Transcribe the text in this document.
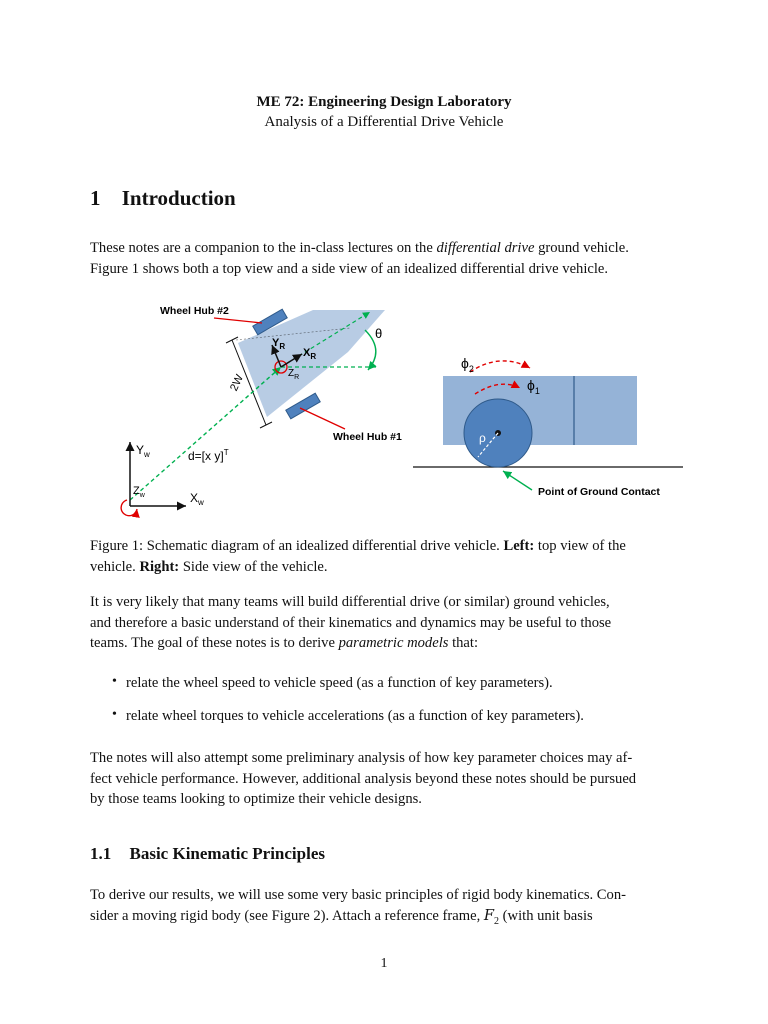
ME 72: Engineering Design Laboratory
Analysis of a Differential Drive Vehicle
1 Introduction
These notes are a companion to the in-class lectures on the differential drive ground vehicle.
Figure 1 shows both a top view and a side view of an idealized differential drive vehicle.
2W
Wheel Hub #2
Wheel Hub #1
θ
$Y_R$
$X_R$
$Z_R$
$Y_w$
$X_w$
$Z_w$
d=[x y]$^T$
ρ
$\phi_2$
$\phi_1$
Point of Ground Contact
Figure 1: Schematic diagram of an idealized differential drive vehicle. Left: top view of the
vehicle. Right: Side view of the vehicle.
It is very likely that many teams will build differential drive (or similar) ground vehicles,
and therefore a basic understand of their kinematics and dynamics may be useful to those
teams. The goal of these notes is to derive parametric models that:
• relate the wheel speed to vehicle speed (as a function of key parameters).
• relate wheel torques to vehicle accelerations (as a function of key parameters).
The notes will also attempt some preliminary analysis of how key parameter choices may af-
fect vehicle performance. However, additional analysis beyond these notes should be pursued
by those teams looking to optimize their vehicle designs.
1.1 Basic Kinematic Principles
To derive our results, we will use some very basic principles of rigid body kinematics. Con-
sider a moving rigid body (see Figure 2). Attach a reference frame, $F_2$ (with unit basis
1
